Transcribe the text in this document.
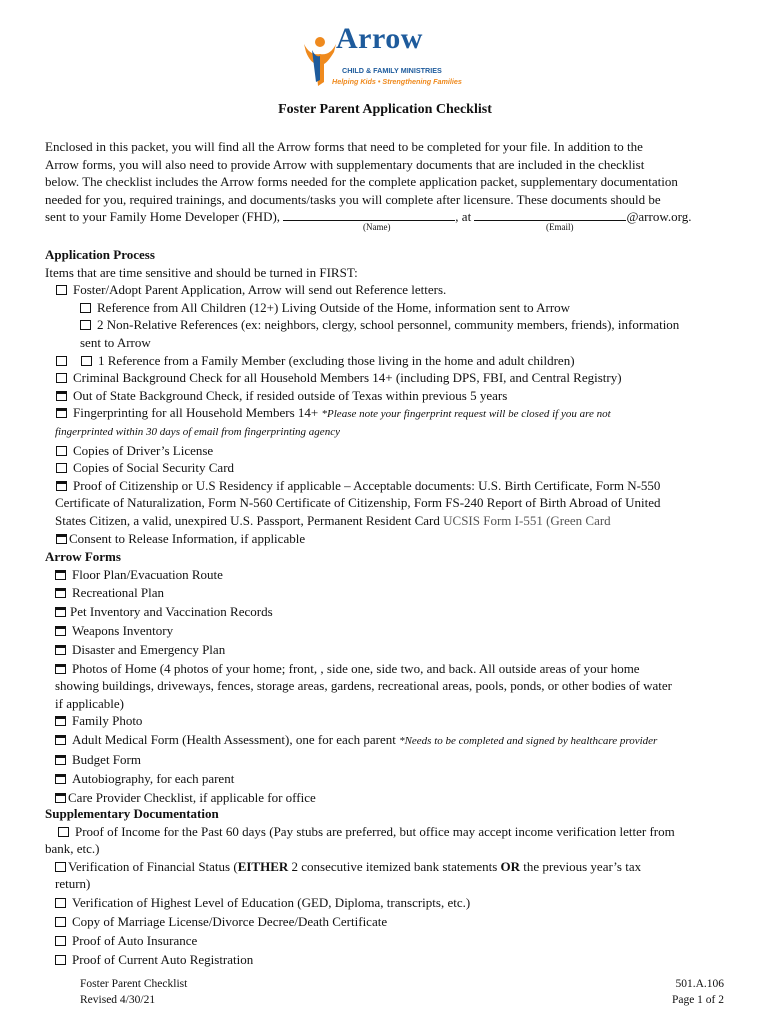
Arrow
CHILD & FAMILY MINISTRIES
Helping Kids • Strengthening Families
Foster Parent Application Checklist
Enclosed in this packet, you will find all the Arrow forms that need to be completed for your file. In addition to the
Arrow forms, you will also need to provide Arrow with supplementary documents that are included in the checklist
below. The checklist includes the Arrow forms needed for the complete application packet, supplementary documentation
needed for you, required trainings, and documents/tasks you will complete after licensure. These documents should be
sent to your Family Home Developer (FHD),	, at	@arrow.org.
(Name)	(Email)
Application Process
Items that are time sensitive and should be turned in FIRST:
Foster/Adopt Parent Application, Arrow will send out Reference letters.
Reference from All Children (12+) Living Outside of the Home, information sent to Arrow
2 Non-Relative References (ex: neighbors, clergy, school personnel, community members, friends), information
sent to Arrow
1 Reference from a Family Member (excluding those living in the home and adult children)
Criminal Background Check for all Household Members 14+ (including DPS, FBI, and Central Registry)
Out of State Background Check, if resided outside of Texas within previous 5 years
Fingerprinting for all Household Members 14+ *Please note your fingerprint request will be closed if you are not
fingerprinted within 30 days of email from fingerprinting agency
Copies of Driver’s License
Copies of Social Security Card
Proof of Citizenship or U.S Residency if applicable – Acceptable documents: U.S. Birth Certificate, Form N-550
Certificate of Naturalization, Form N-560 Certificate of Citizenship, Form FS-240 Report of Birth Abroad of United
States Citizen, a valid, unexpired U.S. Passport, Permanent Resident Card UCSIS Form I-551 (Green Card
Consent to Release Information, if applicable
Arrow Forms
Floor Plan/Evacuation Route
Recreational Plan
Pet Inventory and Vaccination Records
Weapons Inventory
Disaster and Emergency Plan
Photos of Home (4 photos of your home; front, , side one, side two, and back. All outside areas of your home
showing buildings, driveways, fences, storage areas, gardens, recreational areas, pools, ponds, or other bodies of water
if applicable)
Family Photo
Adult Medical Form (Health Assessment), one for each parent *Needs to be completed and signed by healthcare provider
Budget Form
Autobiography, for each parent
Care Provider Checklist, if applicable for office
Supplementary Documentation
Proof of Income for the Past 60 days (Pay stubs are preferred, but office may accept income verification letter from
bank, etc.)
Verification of Financial Status (EITHER 2 consecutive itemized bank statements OR the previous year’s tax
return)
Verification of Highest Level of Education (GED, Diploma, transcripts, etc.)
Copy of Marriage License/Divorce Decree/Death Certificate
Proof of Auto Insurance
Proof of Current Auto Registration
Foster Parent Checklist
Revised 4/30/21
501.A.106
Page 1 of 2
